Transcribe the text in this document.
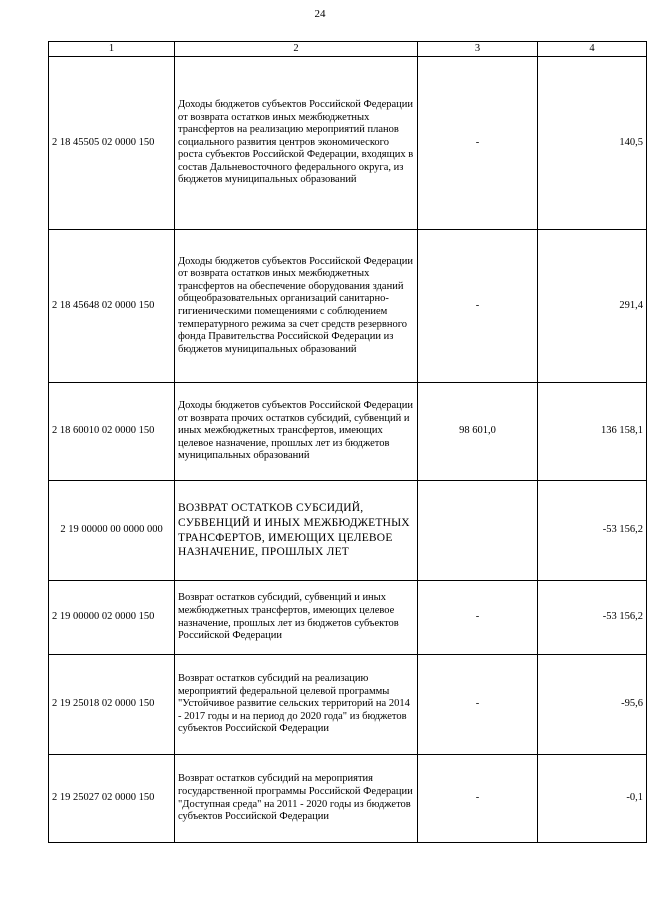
24
1	2	3	4
2 18 45505 02 0000 150	Доходы бюджетов субъектов Российской Федерации от возврата остатков иных межбюджетных трансфертов на реализацию мероприятий планов социального развития центров экономического роста субъектов Российской Федерации, входящих в состав Дальневосточного федерального округа, из бюджетов муниципальных образований	-	140,5
2 18 45648 02 0000 150	Доходы бюджетов субъектов Российской Федерации от возврата остатков иных межбюджетных трансфертов на обеспечение оборудования зданий общеобразовательных организаций санитарно-гигиеническими помещениями с соблюдением температурного режима за счет средств резервного фонда Правительства Российской Федерации из бюджетов муниципальных образований	-	291,4
2 18 60010 02 0000 150	Доходы бюджетов субъектов Российской Федерации от возврата прочих остатков субсидий, субвенций и иных межбюджетных трансфертов, имеющих целевое назначение, прошлых лет из бюджетов муниципальных образований	98 601,0	136 158,1
2 19 00000 00 0000 000	ВОЗВРАТ ОСТАТКОВ СУБСИДИЙ, СУБВЕНЦИЙ И ИНЫХ МЕЖБЮДЖЕТНЫХ ТРАНСФЕРТОВ, ИМЕЮЩИХ ЦЕЛЕВОЕ НАЗНАЧЕНИЕ, ПРОШЛЫХ ЛЕТ		-53 156,2
2 19 00000 02 0000 150	Возврат остатков субсидий, субвенций и иных межбюджетных трансфертов, имеющих целевое назначение, прошлых лет из бюджетов субъектов Российской Федерации	-	-53 156,2
2 19 25018 02 0000 150	Возврат остатков субсидий на реализацию мероприятий федеральной целевой программы "Устойчивое развитие сельских территорий на 2014 - 2017 годы и на период до 2020 года" из бюджетов субъектов Российской Федерации	-	-95,6
2 19 25027 02 0000 150	Возврат остатков субсидий на мероприятия государственной программы Российской Федерации "Доступная среда" на 2011 - 2020 годы из бюджетов субъектов Российской Федерации	-	-0,1
